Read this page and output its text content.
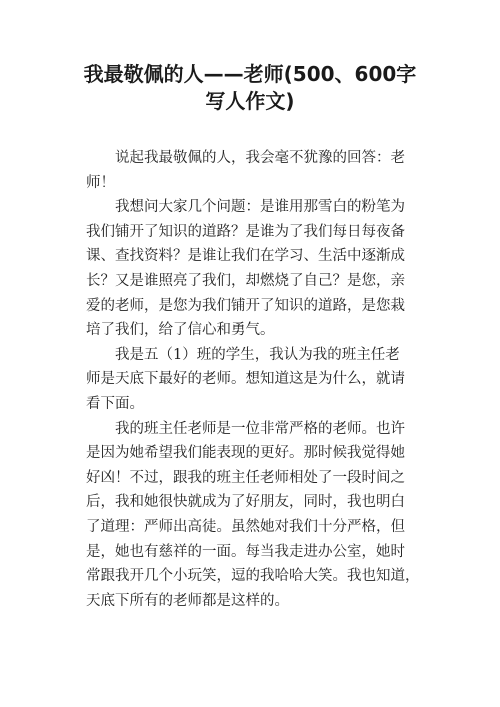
我最敬佩的人——老师(500、600字
写人作文)

说起我最敬佩的人，我会毫不犹豫的回答：老
师！

我想问大家几个问题：是谁用那雪白的粉笔为
我们铺开了知识的道路？是谁为了我们每日每夜备
课、查找资料？是谁让我们在学习、生活中逐渐成
长？又是谁照亮了我们，却燃烧了自己？是您，亲
爱的老师，是您为我们铺开了知识的道路，是您栽
培了我们，给了信心和勇气。

我是五（1）班的学生，我认为我的班主任老
师是天底下最好的老师。想知道这是为什么，就请
看下面。

我的班主任老师是一位非常严格的老师。也许
是因为她希望我们能表现的更好。那时候我觉得她
好凶！不过，跟我的班主任老师相处了一段时间之
后，我和她很快就成为了好朋友，同时，我也明白
了道理：严师出高徒。虽然她对我们十分严格，但
是，她也有慈祥的一面。每当我走进办公室，她时
常跟我开几个小玩笑，逗的我哈哈大笑。我也知道，
天底下所有的老师都是这样的。
